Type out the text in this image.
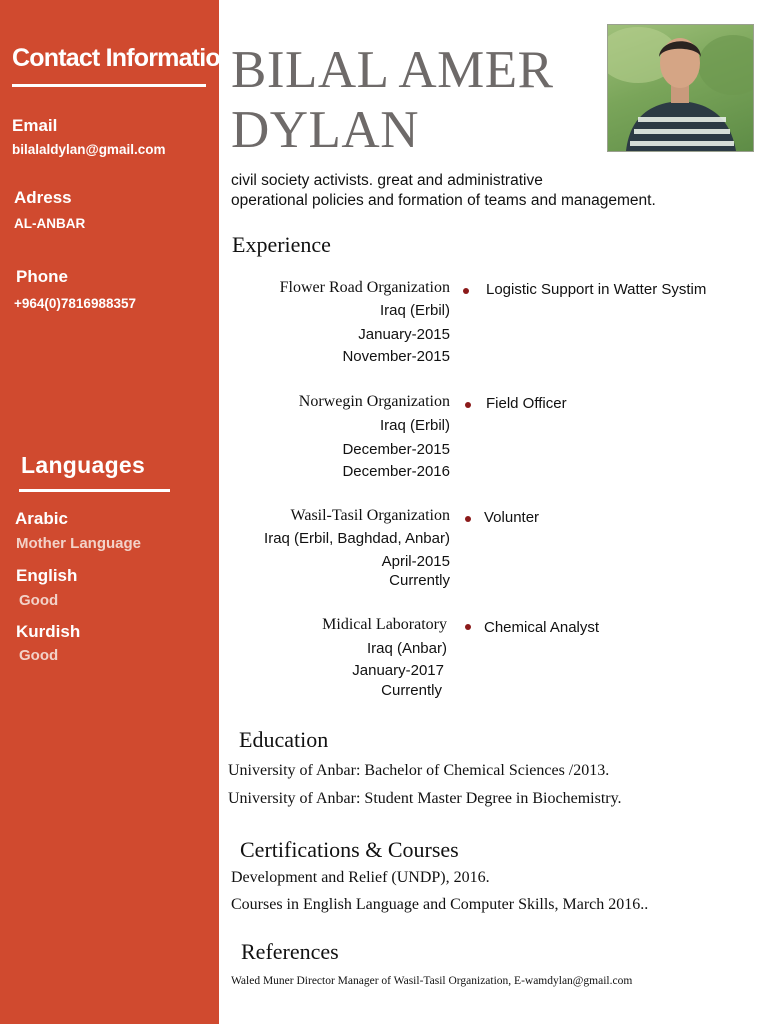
Contact Information
Email
bilalaldylan@gmail.com
Adress
AL-ANBAR
Phone
+964(0)7816988357
Languages
Arabic
Mother Language
English
Good
Kurdish
Good
BILAL AMER
DYLAN
civil society activists. great and administrative
operational policies and formation of teams and management.
Experience
Flower Road Organization
Iraq (Erbil)
January-2015
November-2015
Logistic Support in Watter Systim
Norwegin Organization
Iraq (Erbil)
December-2015
December-2016
Field Officer
Wasil-Tasil Organization
Iraq (Erbil, Baghdad, Anbar)
April-2015
Currently
Volunter
Midical Laboratory
Iraq (Anbar)
January-2017
Currently
Chemical Analyst
Education
University of Anbar: Bachelor of Chemical Sciences /2013.
University of Anbar: Student Master Degree in Biochemistry.
Certifications & Courses
Development and Relief (UNDP), 2016.
Courses in English Language and Computer Skills, March 2016..
References
Waled Muner Director Manager of Wasil-Tasil Organization, E-wamdylan@gmail.com
